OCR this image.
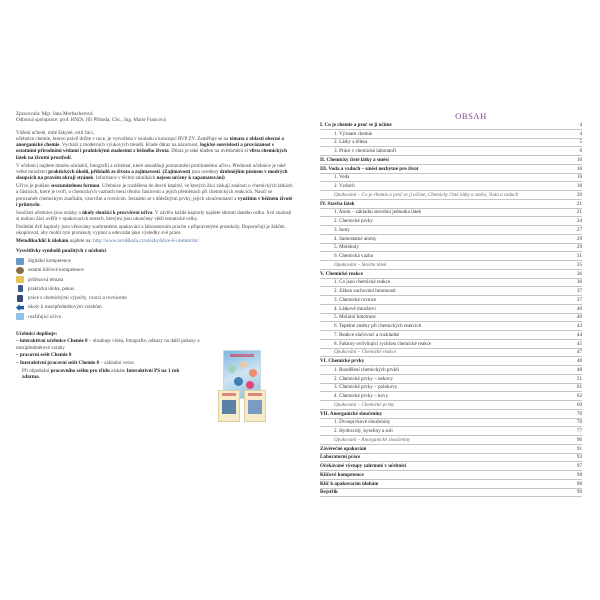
Zpracovala: Mgr. Jana Morbacherová
Odborná spolupráce: prof. RNDr. Jiří Příhoda, CSc., Ing. Marie Francová

Vážení učitelé, milé žákyně, milí žáci,
učebnice chemie, kterou právě držíte v ruce, je vytvořena v souladu s koncepcí RVP ZV. Zaměřuje se na témata z oblasti obecné a anorganické chemie. Vychází z moderních výukových trendů. Klade důraz na názornost, logické souvislosti a provázanost s ostatními přírodními vědami i praktickými znalostmi z běžného života. Důraz je také kladen na uvědomění si vlivu chemických látek na životní prostředí.

V učebnici najdete mnoho obrázků, fotografií a schémat, které usnadňují porozumění probíranému učivu. Předností učebnice je také velké množství praktických úkolů, příkladů ze života a zajímavostí. (Zajímavosti jsou uvedeny drobnějším písmem v modrých sloupcích na pravém okraji stránek. Informace v těchto tabulkách nejsou určeny k zapamatování)

Učivo je podáno srozumitelnou formou. Učebnice je rozdělena do devíti kapitol, ve kterých žáci získají znalosti o chemických látkách a částicích, které je tvoří, o chemických vazbách mezi těmito částicemi a jejich přeměnách při chemických reakcích. Naučí se porozumět chemickým značkám, vzorcům a rovnicím. Seznámí se s důležitými prvky, jejich sloučeninami a využitím v běžném životě i průmyslu.

Součástí učebnice jsou otázky a úkoly sloužící k procvičení učiva. V závěru každé kapitoly najdete shrnutí daného celku. Své znalosti si mohou žáci ověřit v opakovacích testech, kterými jsou ukončeny větší tematické celky.

Poslední dvě kapitoly jsou věnovány souhrnnému opakování a laboratorním pracím s připravenými protokoly. Doporučuji je žákům okopírovat, aby mohli tyto protokoly vyplnit a odevzdat jako výsledky své práce.

Metodiku/klíč k úlohám najdete na: http://www.nováškola.cz/ulozky/klice-k-ucebnicim/

Vysvětlivky symbolů použitých v učebnici

digitální kompetence
ostatní klíčové kompetence
průřezová témata
praktická úloha, pokus
práce s chemickými výpočty, vzorci a rovnicemi
úkoly k mezipředmětovým vztahům
rozšiřující učivo

Učebnici doplňuje:

– interaktivní učebnice Chemie 8 – obsahuje videa, fotografie, odkazy na další pokusy a mezipředmětové vztahy

– pracovní sešit Chemie 8

– Interaktivní pracovní sešit Chemie 8 – základní verze

Při objednání pracovního sešitu pro třídu získáte Interaktivní PS na 1 rok zdarma.

OBSAH
I. Co je chemie a proč se jí učíme	4
1. Význam chemie	4
2. Látky a tělesa	5
3. Práce v chemické laboratoři	8
II. Chemicky čisté látky a směsi	10
III. Voda a vzduch – směsi nezbytné pro život	16
1. Voda	16
2. Vzduch	18
Opakování – Co je chemie a proč se jí učíme, Chemicky čisté látky a směsi, Voda a vzduch	20
IV. Stavba látek	21
1. Atom – základní stavební jednotka látek	21
2. Chemické prvky	24
3. Ionty	27
4. Samostatné atomy	29
5. Molekuly	29
6. Chemická vazba	31
Opakování – Stavba látek	35
V. Chemické reakce	36
1. Co jsou chemické reakce	36
2. Zákon zachování hmotnosti	37
3. Chemické rovnice	37
4. Látkové množství	40
5. Molární hmotnost	40
6. Tepelné změny při chemických reakcích	43
7. Reakce slučovací a rozkladné	44
8. Faktory ovlivňující rychlost chemické reakce	45
Opakování – Chemické reakce	47
VI. Chemické prvky	48
1. Rozdělení chemických prvků	48
2. Chemické prvky – nekovy	51
3. Chemické prvky – polokovy	61
4. Chemické prvky – kovy	62
Opakování – Chemické prvky	69
VII. Anorganické sloučeniny	70
1. Dvouprvkové sloučeniny	70
2. Hydroxidy, kyseliny a soli	77
Opakování – Anorganické sloučeniny	90
Závěrečné opakování	91
Laboratorní práce	93
Očekávané výstupy zahrnuté v učebnici	97
Klíčové kompetence	98
Klíč k opakovacím úlohám	98
Rejstřík	99
